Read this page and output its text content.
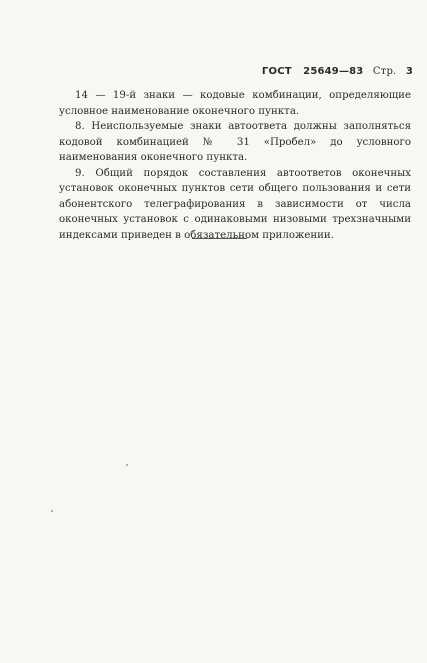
ГОСТ 25649—83 Стр. 3

14 — 19-й знаки — кодовые комбинации, определяющие условное наименование оконечного пункта.

8. Неиспользуемые знаки автоответа должны заполняться кодовой комбинацией № 31 «Пробел» до условного наименования оконечного пункта.

9. Общий порядок составления автоответов оконечных установок оконечных пунктов сети общего пользования и сети абонентского телеграфирования в зависимости от числа оконечных установок с одинаковыми низовыми трехзначными индексами приведен в обязательном приложении.
